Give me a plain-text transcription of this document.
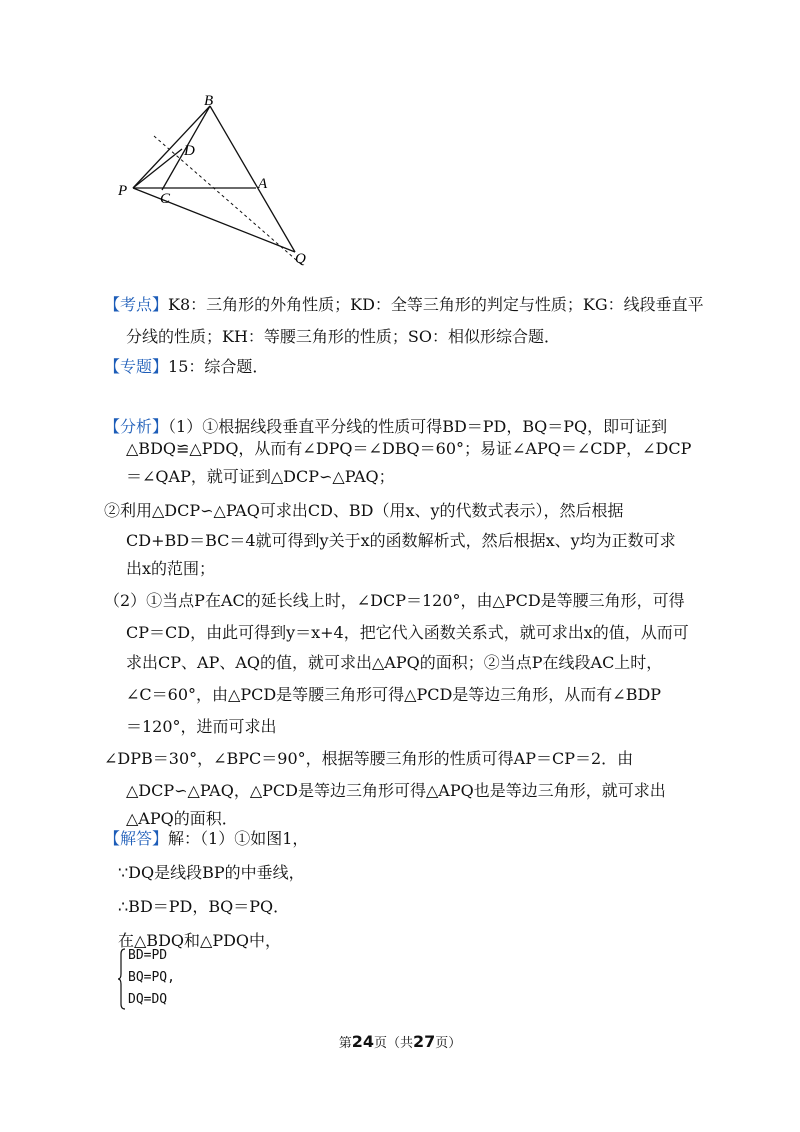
B
D
P C
A
Q
【考点】K8：三角形的外角性质；KD：全等三角形的判定与性质；KG：线段垂直平
分线的性质；KH：等腰三角形的性质；SO：相似形综合题．
【专题】15：综合题．
【分析】（1）①根据线段垂直平分线的性质可得BD＝PD，BQ＝PQ，即可证到
△BDQ≌△PDQ，从而有∠DPQ＝∠DBQ＝60°；易证∠APQ＝∠CDP，∠DCP
＝∠QAP，就可证到△DCP∽△PAQ；
②利用△DCP∽△PAQ可求出CD、BD（用x、y的代数式表示），然后根据
CD+BD＝BC＝4就可得到y关于x的函数解析式，然后根据x、y均为正数可求
出x的范围；
（2）①当点P在AC的延长线上时，∠DCP＝120°，由△PCD是等腰三角形，可得
CP＝CD，由此可得到y＝x+4，把它代入函数关系式，就可求出x的值，从而可
求出CP、AP、AQ的值，就可求出△APQ的面积；②当点P在线段AC上时，
∠C＝60°，由△PCD是等腰三角形可得△PCD是等边三角形，从而有∠BDP
＝120°，进而可求出
∠DPB＝30°，∠BPC＝90°，根据等腰三角形的性质可得AP＝CP＝2．由
△DCP∽△PAQ，△PCD是等边三角形可得△APQ也是等边三角形，就可求出
△APQ的面积．
【解答】解：（1）①如图1，
∵DQ是线段BP的中垂线，
∴BD＝PD，BQ＝PQ．
在△BDQ和△PDQ中，
BD=PD
BQ=PQ,
DQ=DQ
第24页（共27页）
